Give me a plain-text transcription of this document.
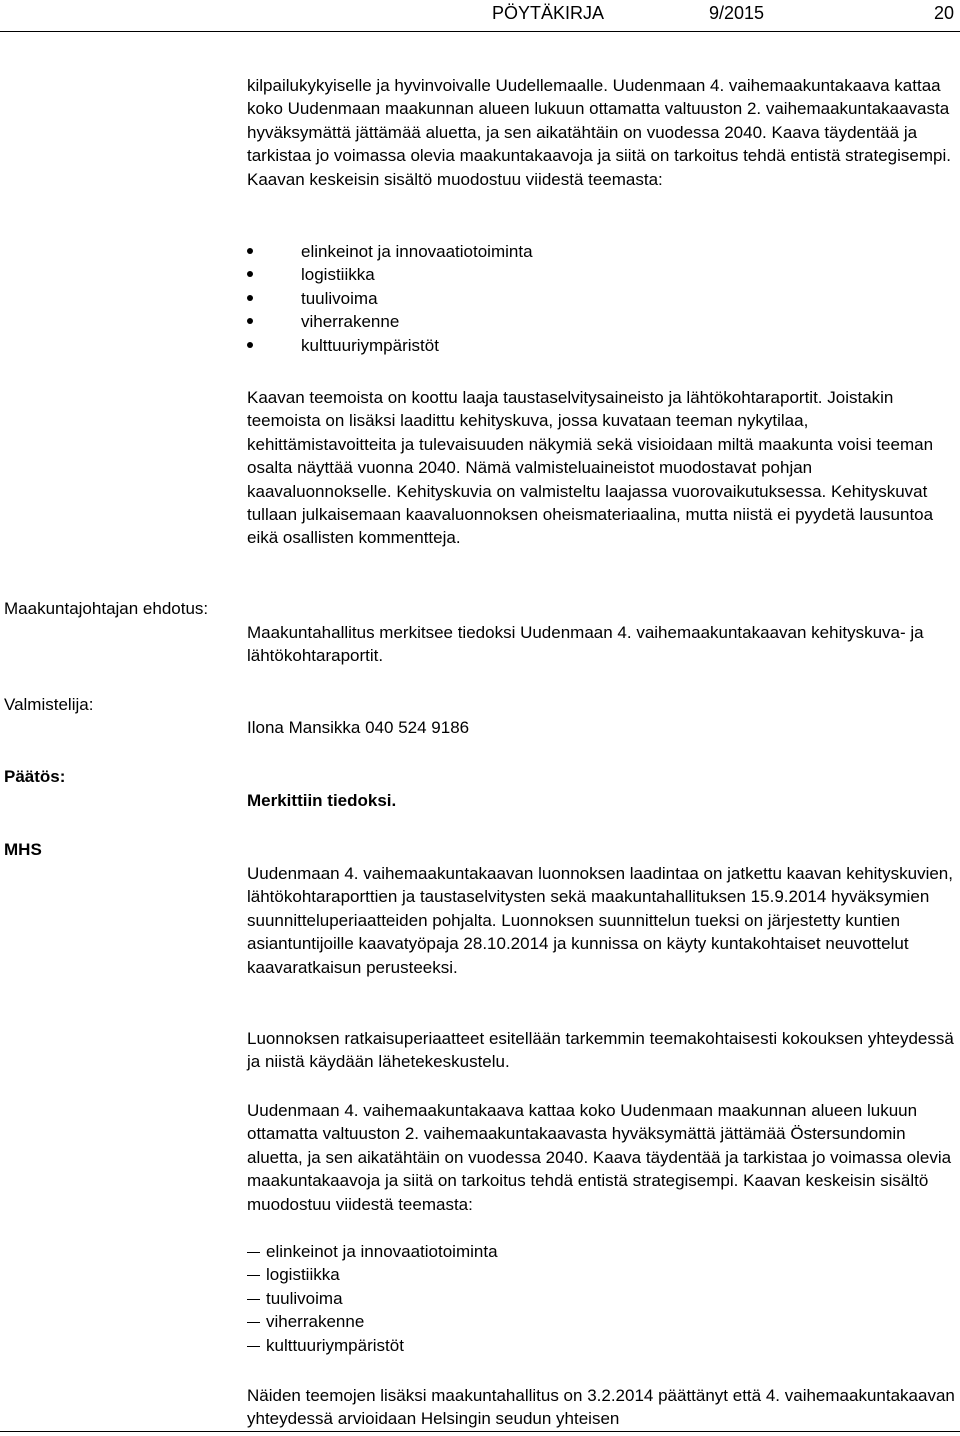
PÖYTÄKIRJA	9/2015	20

kilpailukykyiselle ja hyvinvoivalle Uudellemaalle. Uudenmaan 4. vaihemaakuntakaava kattaa koko Uudenmaan maakunnan alueen lukuun ottamatta valtuuston 2. vaihemaakuntakaavasta hyväksymättä jättämää aluetta, ja sen aikatähtäin on vuodessa 2040. Kaava täydentää ja tarkistaa jo voimassa olevia maakuntakaavoja ja siitä on tarkoitus tehdä entistä strategisempi. Kaavan keskeisin sisältö muodostuu viidestä teemasta:

elinkeinot ja innovaatiotoiminta
logistiikka
tuulivoima
viherrakenne
kulttuuriympäristöt

Kaavan teemoista on koottu laaja taustaselvitysaineisto ja lähtökohtaraportit. Joistakin teemoista on lisäksi laadittu kehityskuva, jossa kuvataan teeman nykytilaa, kehittämistavoitteita ja tulevaisuuden näkymiä sekä visioidaan miltä maakunta voisi teeman osalta näyttää vuonna 2040. Nämä valmisteluaineistot muodostavat pohjan kaavaluonnokselle. Kehityskuvia on valmisteltu laajassa vuorovaikutuksessa. Kehityskuvat tullaan julkaisemaan kaavaluonnoksen oheismateriaalina, mutta niistä ei pyydetä lausuntoa eikä osallisten kommentteja.

Maakuntajohtajan ehdotus:

Maakuntahallitus merkitsee tiedoksi Uudenmaan 4. vaihemaakuntakaavan kehityskuva- ja lähtökohtaraportit.

Valmistelija:

Ilona Mansikka 040 524 9186

Päätös:

Merkittiin tiedoksi.

MHS

Uudenmaan 4. vaihemaakuntakaavan luonnoksen laadintaa on jatkettu kaavan kehityskuvien, lähtökohtaraporttien ja taustaselvitysten sekä maakuntahallituksen 15.9.2014 hyväksymien suunnitteluperiaatteiden pohjalta. Luonnoksen suunnittelun tueksi on järjestetty kuntien asiantuntijoille kaavatyöpaja 28.10.2014 ja kunnissa on käyty kuntakohtaiset neuvottelut kaavaratkaisun perusteeksi.

Luonnoksen ratkaisuperiaatteet esitellään tarkemmin teemakohtaisesti kokouksen yhteydessä ja niistä käydään lähetekeskustelu.

Uudenmaan 4. vaihemaakuntakaava kattaa koko Uudenmaan maakunnan alueen lukuun ottamatta valtuuston 2. vaihemaakuntakaavasta hyväksymättä jättämää Östersundomin aluetta, ja sen aikatähtäin on vuodessa 2040. Kaava täydentää ja tarkistaa jo voimassa olevia maakuntakaavoja ja siitä on tarkoitus tehdä entistä strategisempi. Kaavan keskeisin sisältö muodostuu viidestä teemasta:

elinkeinot ja innovaatiotoiminta
logistiikka
tuulivoima
viherrakenne
kulttuuriympäristöt

Näiden teemojen lisäksi maakuntahallitus on 3.2.2014 päättänyt että 4. vaihemaakuntakaavan yhteydessä arvioidaan Helsingin seudun yhteisen
